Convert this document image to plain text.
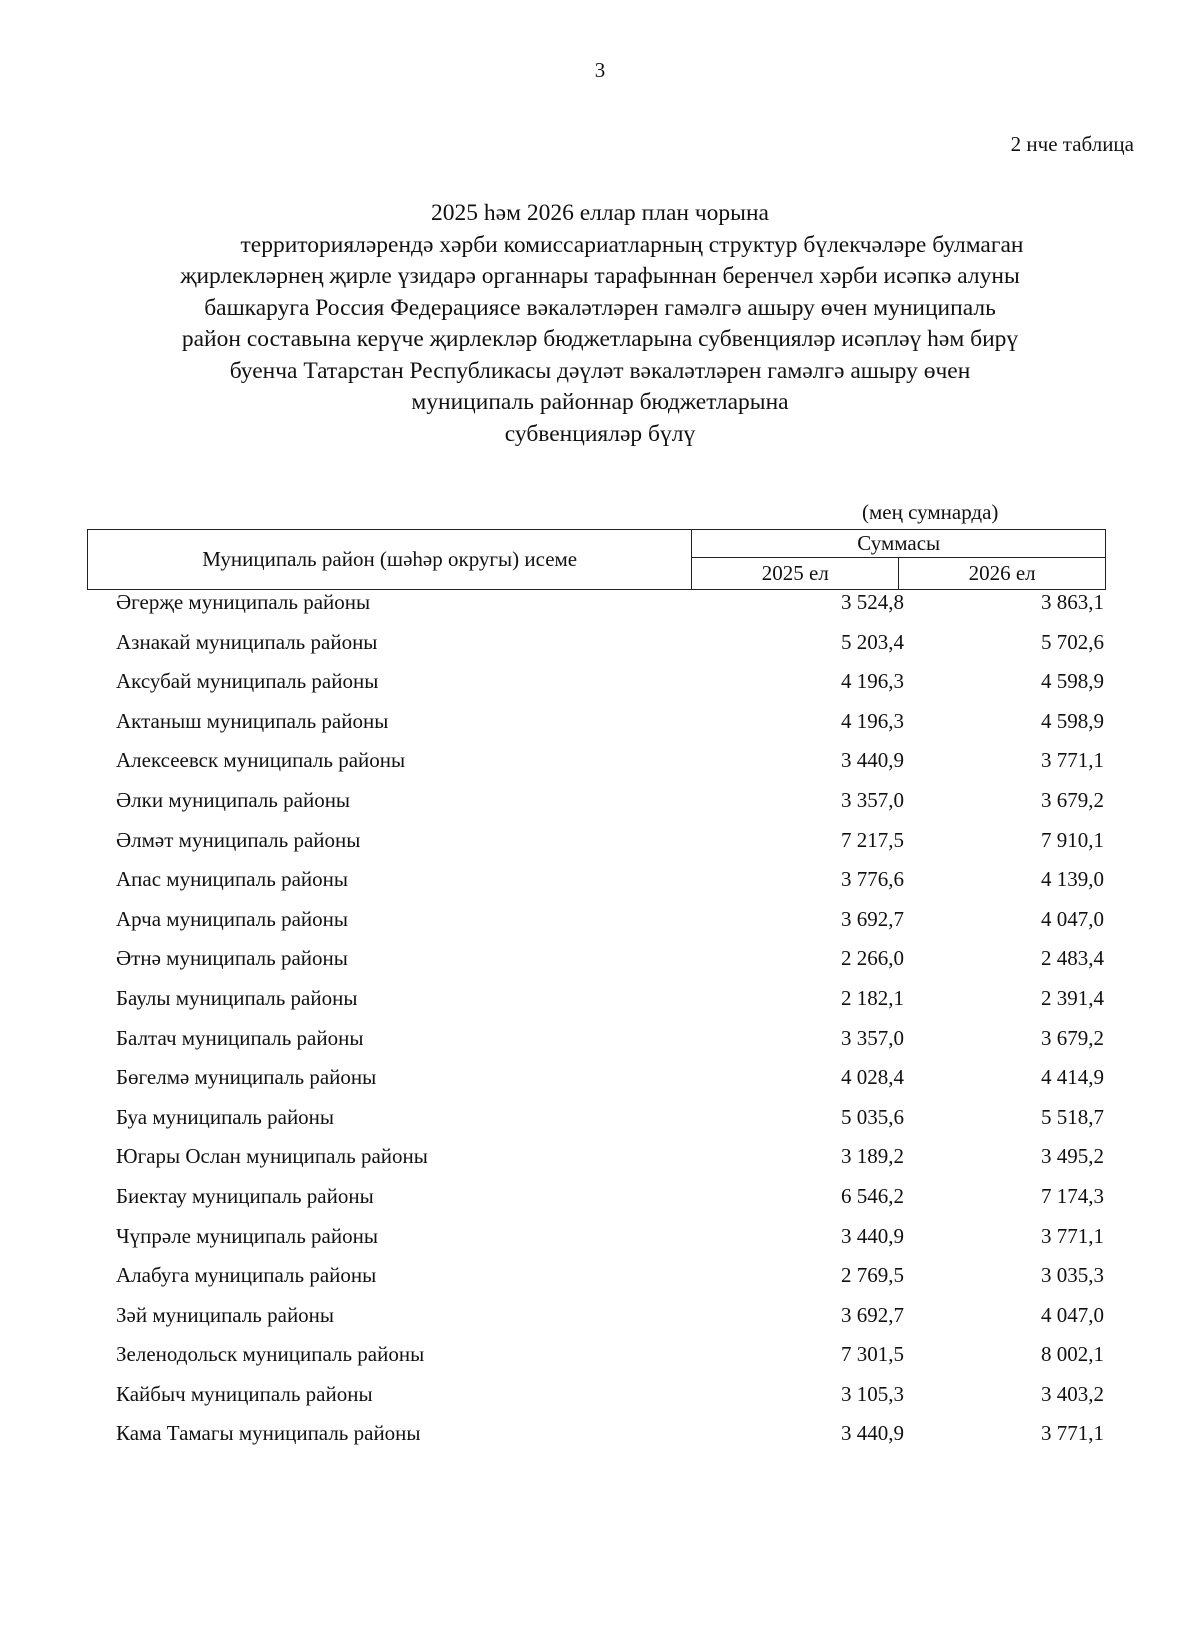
3
2 нче таблица
2025 һәм 2026 еллар план чорына
территорияләрендә хәрби комиссариатларның структур бүлекчәләре булмаган
җирлекләрнең җирле үзидарә органнары тарафыннан беренчел хәрби исәпкә алуны
башкаруга Россия Федерациясе вәкаләтләрен гамәлгә ашыру өчен муниципаль
район составына керүче җирлекләр бюджетларына субвенцияләр исәпләү һәм бирү
буенча Татарстан Республикасы дәүләт вәкаләтләрен гамәлгә ашыру өчен
муниципаль районнар бюджетларына
субвенцияләр бүлү
(мең сумнарда)
Муниципаль район (шәһәр округы) исеме	Суммасы	
	2025 ел	2026 ел
Әгерҗе муниципаль районы	3 524,8	3 863,1
Азнакай муниципаль районы	5 203,4	5 702,6
Аксубай муниципаль районы	4 196,3	4 598,9
Актаныш муниципаль районы	4 196,3	4 598,9
Алексеевск муниципаль районы	3 440,9	3 771,1
Әлки муниципаль районы	3 357,0	3 679,2
Әлмәт муниципаль районы	7 217,5	7 910,1
Апас муниципаль районы	3 776,6	4 139,0
Арча муниципаль районы	3 692,7	4 047,0
Әтнә муниципаль районы	2 266,0	2 483,4
Баулы муниципаль районы	2 182,1	2 391,4
Балтач муниципаль районы	3 357,0	3 679,2
Бөгелмә муниципаль районы	4 028,4	4 414,9
Буа муниципаль районы	5 035,6	5 518,7
Югары Ослан муниципаль районы	3 189,2	3 495,2
Биектау муниципаль районы	6 546,2	7 174,3
Чүпрәле муниципаль районы	3 440,9	3 771,1
Алабуга муниципаль районы	2 769,5	3 035,3
Зәй муниципаль районы	3 692,7	4 047,0
Зеленодольск муниципаль районы	7 301,5	8 002,1
Кайбыч муниципаль районы	3 105,3	3 403,2
Кама Тамагы муниципаль районы	3 440,9	3 771,1
